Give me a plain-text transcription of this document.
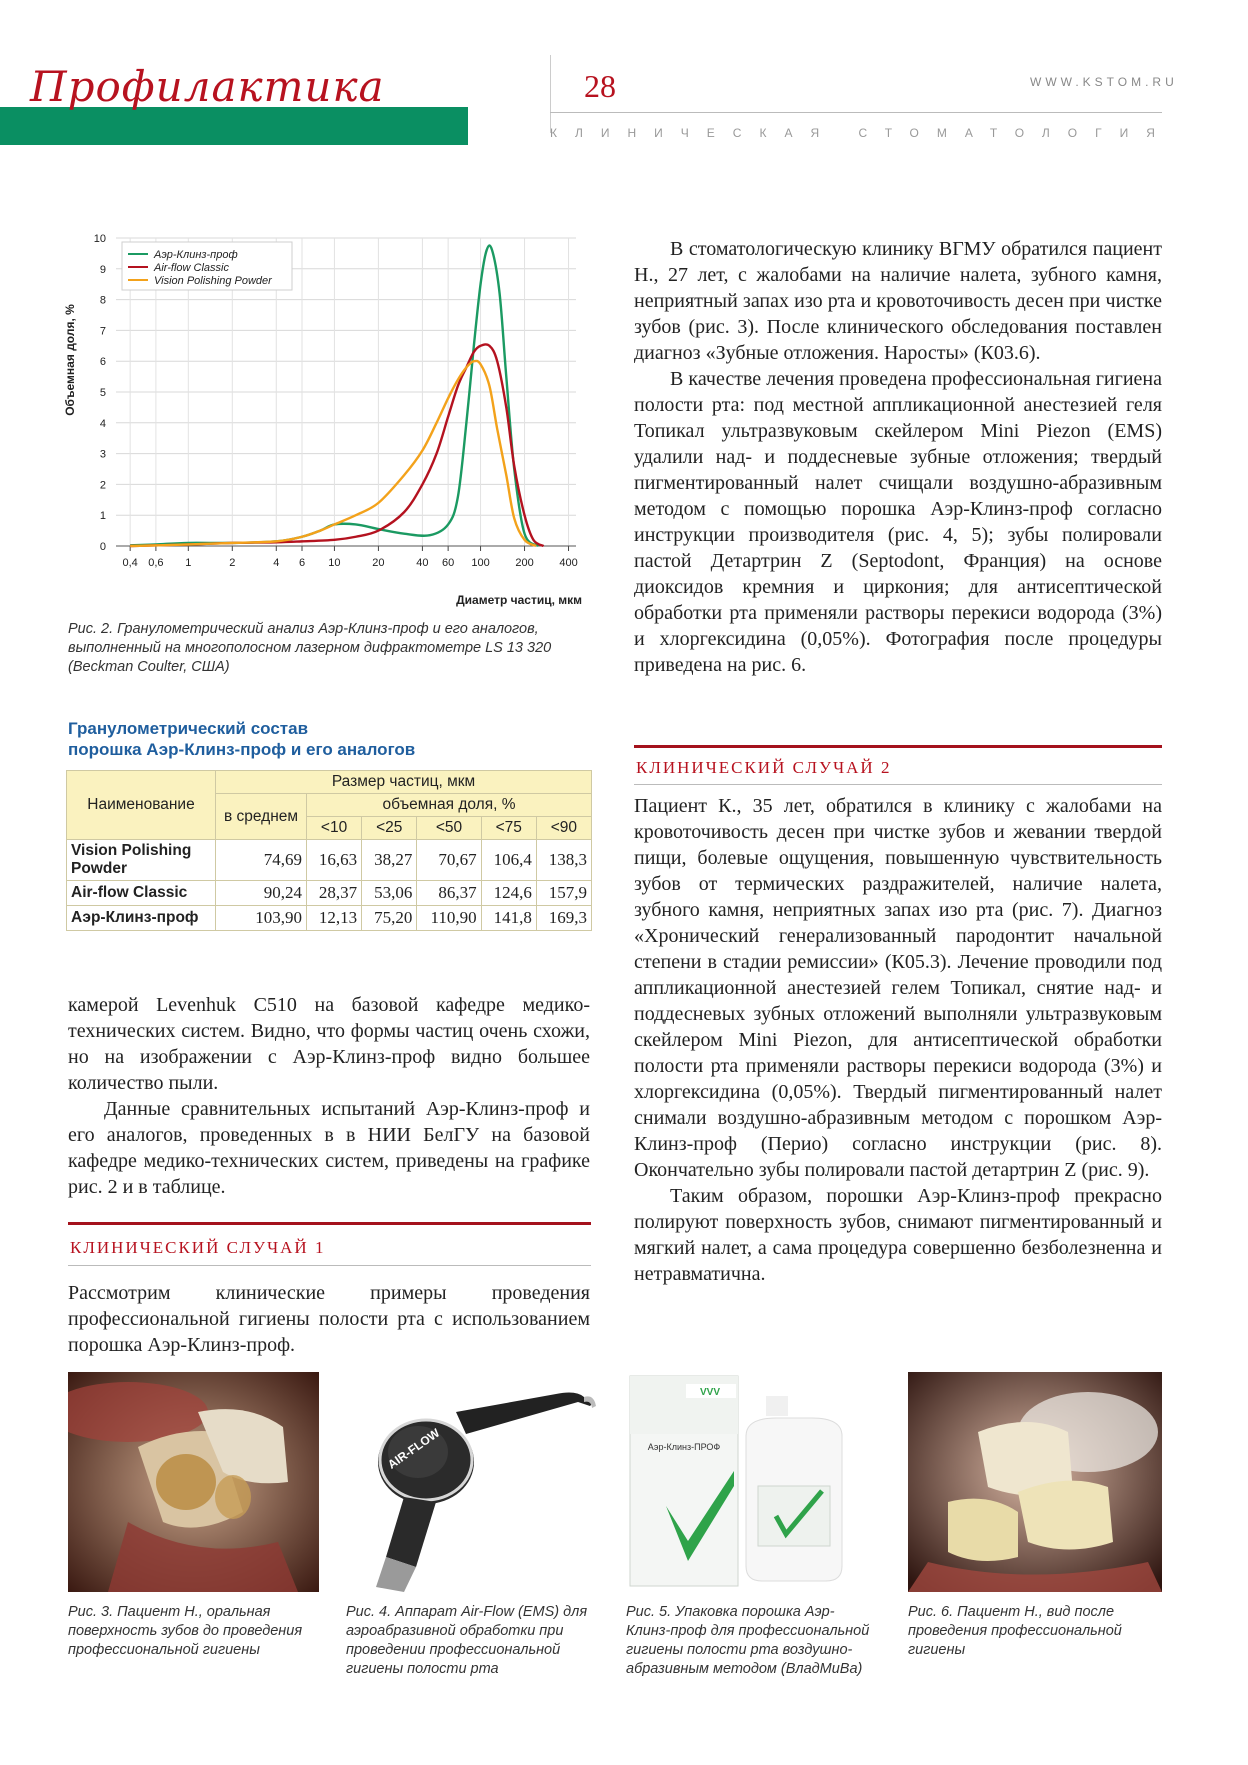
Профилактика	28	WWW.KSTOM.RU
КЛИНИЧЕСКАЯ СТОМАТОЛОГИЯ
0
1
2
3
4
5
6
7
8
9
10
0,4 0,6 1	2	4 6 10	20	40 60 100 200 400
Аэр-Клинз-проф
Air-flow Classic
Vision Polishing Powder
Объемная доля, %
Диаметр частиц, мкм
Рис. 2. Гранулометрический анализ Аэр-Клинз-проф и его аналогов, выполненный на многополосном лазерном дифрактометре LS 13 320 (Beckman Coulter, США)
Гранулометрический состав
порошка Аэр-Клинз-проф и его аналогов
Наименование	Размер частиц, мкм					
	в среднем	объемная доля, %				
		<10	<25	<50	<75	<90
Vision Polishing Powder	74,69	16,63	38,27	70,67	106,4	138,3
Air-flow Classic	90,24	28,37	53,06	86,37	124,6	157,9
Аэр-Клинз-проф	103,90	12,13	75,20	110,90	141,8	169,3

камерой Levenhuk C510 на базовой кафедре медико-технических систем. Видно, что формы частиц очень схожи, но на изображении с Аэр-Клинз-проф видно большее количество пыли.

Данные сравнительных испытаний Аэр-Клинз-проф и его аналогов, проведенных в в НИИ БелГУ на базовой кафедре медико-технических систем, приведены на графике рис. 2 и в таблице.

КЛИНИЧЕСКИЙ СЛУЧАЙ 1

Рассмотрим клинические примеры проведения профессиональной гигиены полости рта с использованием порошка Аэр-Клинз-проф.

В стоматологическую клинику ВГМУ обратился пациент Н., 27 лет, с жалобами на наличие налета, зубного камня, неприятный запах изо рта и кровоточивость десен при чистке зубов (рис. 3). После клинического обследования поставлен диагноз «Зубные отложения. Наросты» (К03.6).

В качестве лечения проведена профессиональная гигиена полости рта: под местной аппликационной анестезией геля Топикал ультразвуковым скейлером Mini Piezon (EMS) удалили над- и поддесневые зубные отложения; твердый пигментированный налет счищали воздушно-абразивным методом с помощью порошка Аэр-Клинз-проф согласно инструкции производителя (рис. 4, 5); зубы полировали пастой Детартрин Z (Septodont, Франция) на основе диоксидов кремния и циркония; для антисептической обработки рта применяли растворы перекиси водорода (3%) и хлоргексидина (0,05%). Фотография после процедуры приведена на рис. 6.

КЛИНИЧЕСКИЙ СЛУЧАЙ 2

Пациент К., 35 лет, обратился в клинику с жалобами на кровоточивость десен при чистке зубов и жевании твердой пищи, болевые ощущения, повышенную чувствительность зубов от термических раздражителей, наличие налета, зубного камня, неприятных запах изо рта (рис. 7). Диагноз «Хронический генерализованный пародонтит начальной степени в стадии ремиссии» (К05.3). Лечение проводили под аппликационной анестезией гелем Топикал, снятие над- и поддесневых зубных отложений выполняли ультразвуковым скейлером Mini Piezon, для антисептической обработки полости рта применяли растворы перекиси водорода (3%) и хлоргексидина (0,05%). Твердый пигментированный налет снимали воздушно-абразивным методом с порошком Аэр-Клинз-проф (Перио) согласно инструкции (рис. 8). Окончательно зубы полировали пастой детартрин Z (рис. 9).

Таким образом, порошки Аэр-Клинз-проф прекрасно полируют поверхность зубов, снимают пигментированный и мягкий налет, а сама процедура совершенно безболезненна и нетравматична.

Рис. 3. Пациент Н., оральная поверхность зубов до проведения профессиональной гигиены
AIR-FLOW
Рис. 4. Аппарат Air-Flow (EMS) для аэроабразивной обработки при проведении профессиональной гигиены полости рта
Аэр-Клинз-ПРОФ
VVV
Рис. 5. Упаковка порошка Аэр-Клинз-проф для профессиональной гигиены полости рта воздушно-абразивным методом (ВладМиВа)
Рис. 6. Пациент Н., вид после проведения профессиональной гигиены
